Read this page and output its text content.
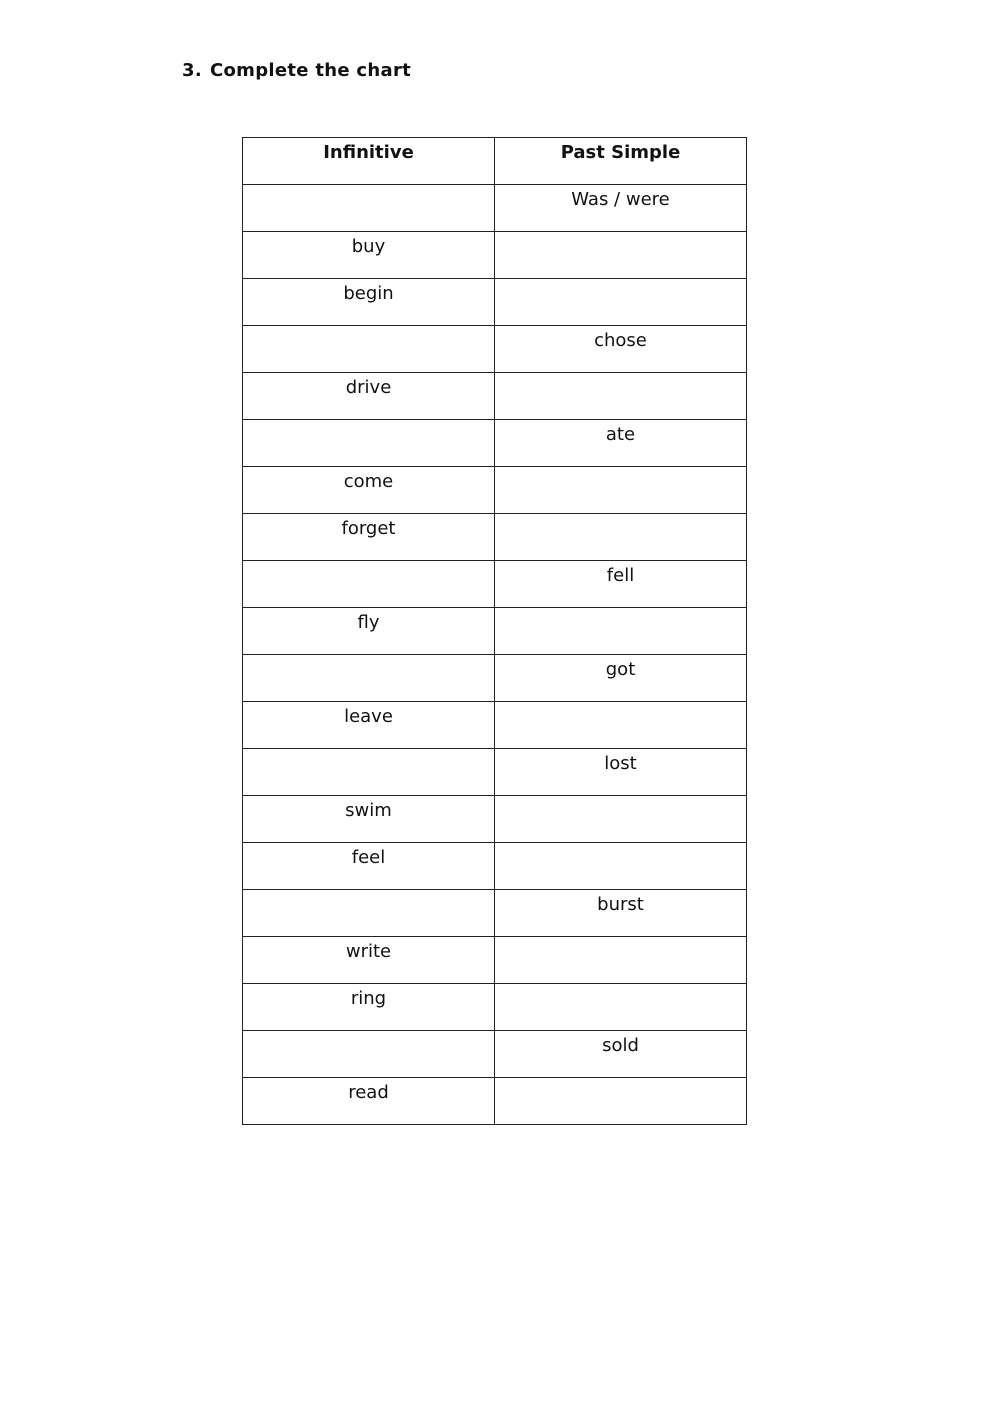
3. Complete the chart
Infinitive	Past Simple

	Was / were

buy	

begin	

	chose

drive	

	ate

come	

forget	

	fell

fly	

	got

leave	

	lost

swim	

feel	

	burst

write	

ring	

	sold

read	
